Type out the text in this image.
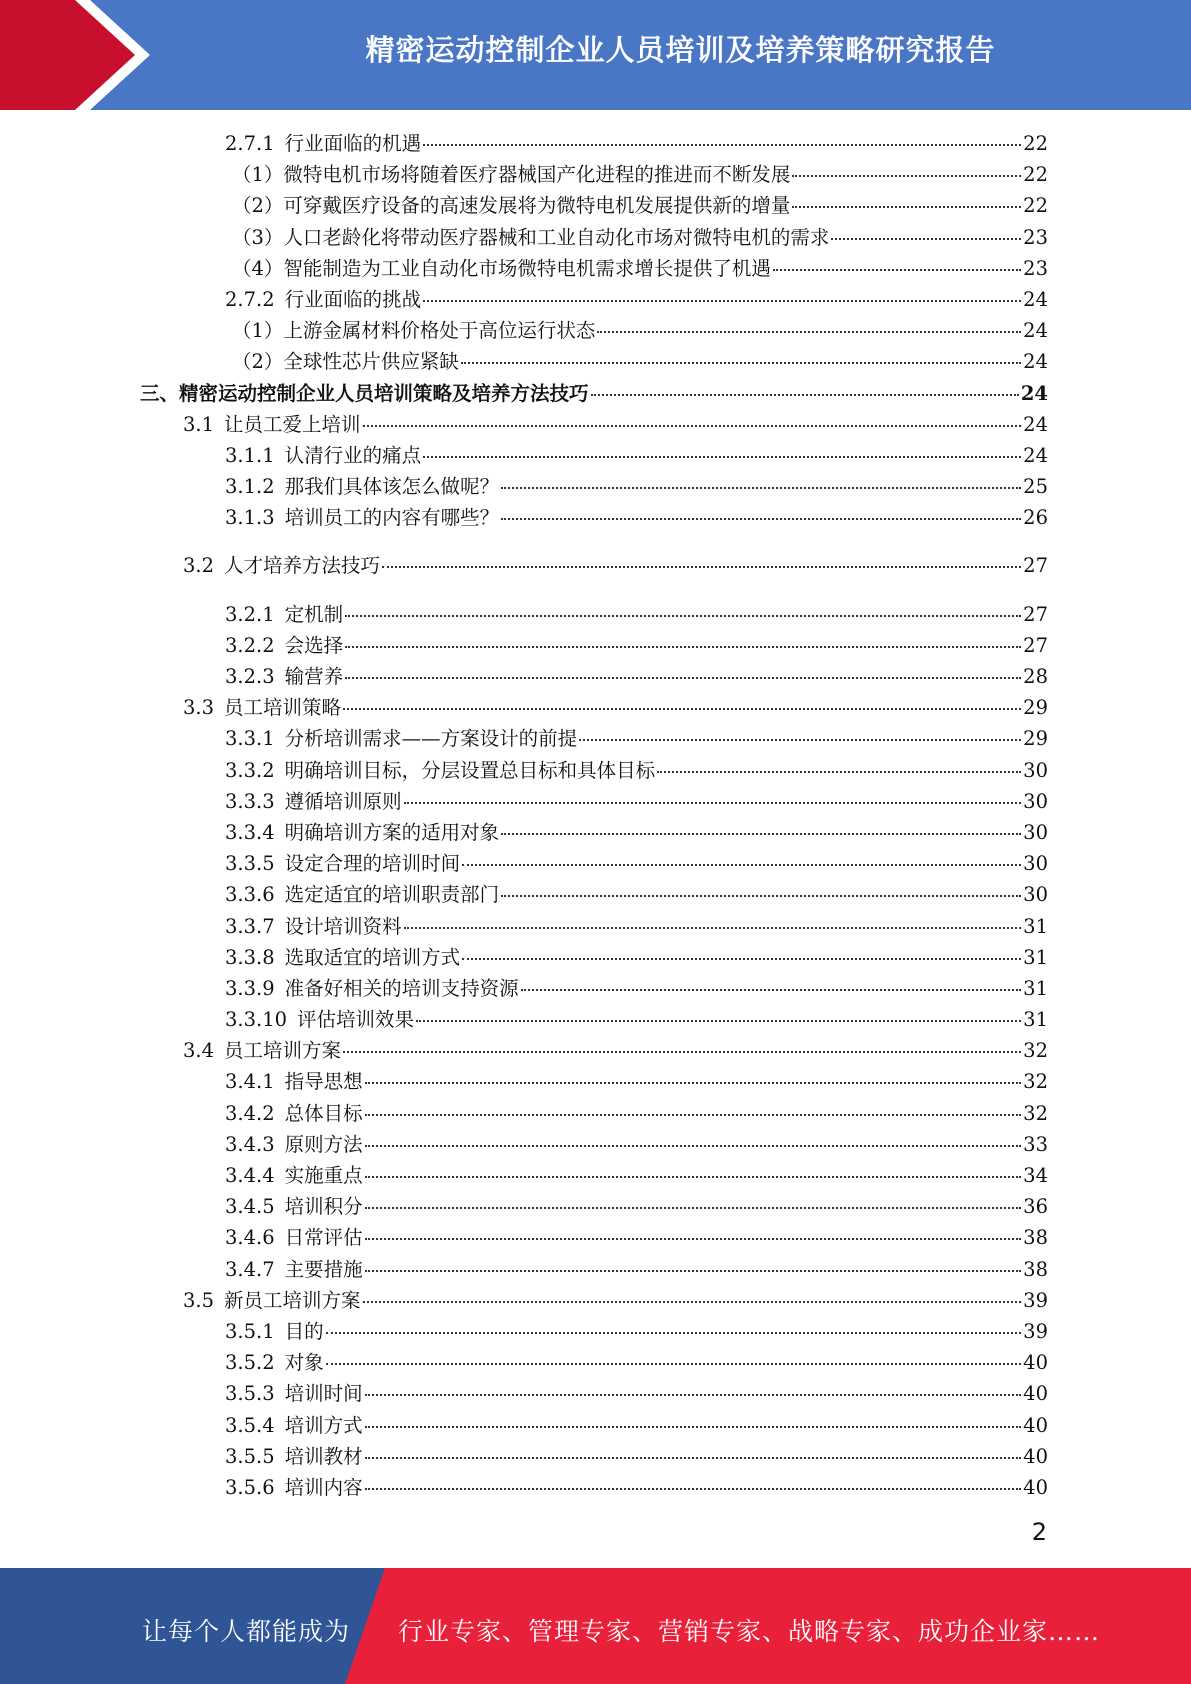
精密运动控制企业人员培训及培养策略研究报告
2.7.1 行业面临的机遇	22
（1）微特电机市场将随着医疗器械国产化进程的推进而不断发展	22
（2）可穿戴医疗设备的高速发展将为微特电机发展提供新的增量	22
（3）人口老龄化将带动医疗器械和工业自动化市场对微特电机的需求	23
（4）智能制造为工业自动化市场微特电机需求增长提供了机遇	23
2.7.2 行业面临的挑战	24
（1）上游金属材料价格处于高位运行状态	24
（2）全球性芯片供应紧缺	24
三、精密运动控制企业人员培训策略及培养方法技巧	24
3.1 让员工爱上培训	24
3.1.1 认清行业的痛点	24
3.1.2 那我们具体该怎么做呢？	25
3.1.3 培训员工的内容有哪些？	26
3.2 人才培养方法技巧	27
3.2.1 定机制	27
3.2.2 会选择	27
3.2.3 输营养	28
3.3 员工培训策略	29
3.3.1 分析培训需求——方案设计的前提	29
3.3.2 明确培训目标，分层设置总目标和具体目标	30
3.3.3 遵循培训原则	30
3.3.4 明确培训方案的适用对象	30
3.3.5 设定合理的培训时间	30
3.3.6 选定适宜的培训职责部门	30
3.3.7 设计培训资料	31
3.3.8 选取适宜的培训方式	31
3.3.9 准备好相关的培训支持资源	31
3.3.10 评估培训效果	31
3.4 员工培训方案	32
3.4.1 指导思想	32
3.4.2 总体目标	32
3.4.3 原则方法	33
3.4.4 实施重点	34
3.4.5 培训积分	36
3.4.6 日常评估	38
3.4.7 主要措施	38
3.5 新员工培训方案	39
3.5.1 目的	39
3.5.2 对象	40
3.5.3 培训时间	40
3.5.4 培训方式	40
3.5.5 培训教材	40
3.5.6 培训内容	40
2
让每个人都能成为 行业专家、管理专家、营销专家、战略专家、成功企业家……
